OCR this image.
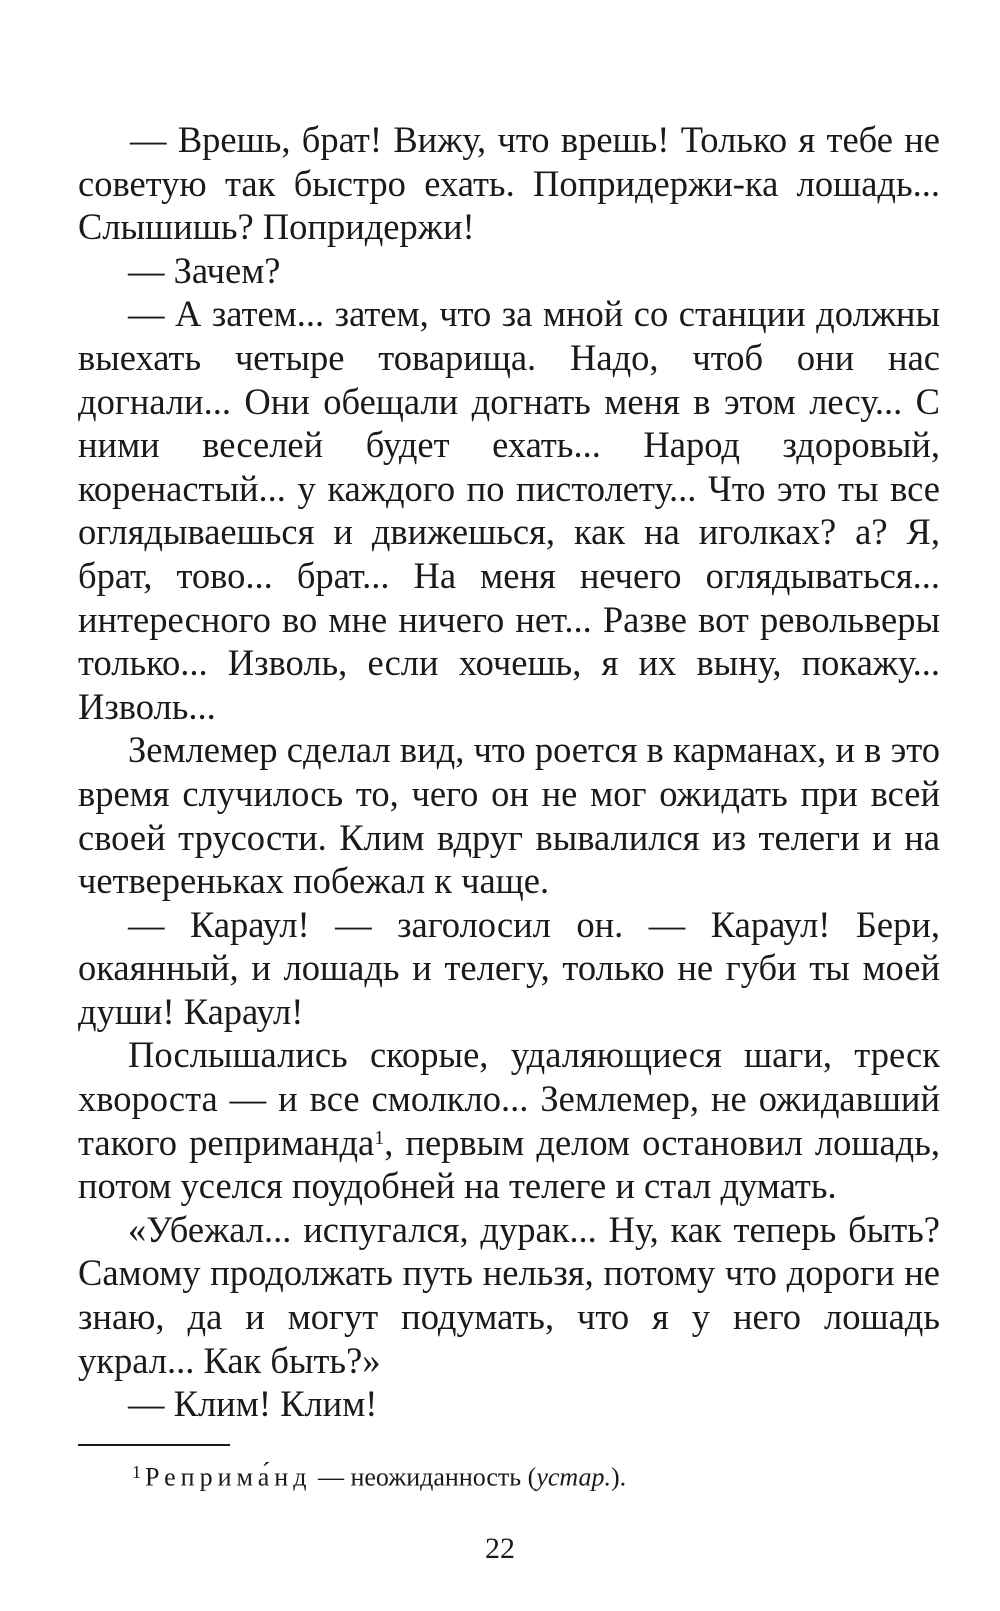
— Врешь, брат! Вижу, что врешь! Только я тебе не советую так быстро ехать. Попридержи-ка лошадь... Слышишь? Попридержи!

— Зачем?

— А затем... затем, что за мной со станции должны выехать четыре товарища. Надо, чтоб они нас догнали... Они обещали догнать меня в этом лесу... С ними веселей будет ехать... Народ здоровый, коренастый... у каждого по пистолету... Что это ты все оглядываешься и движешься, как на иголках? а? Я, брат, тово... брат... На меня нечего оглядываться... интересного во мне ничего нет... Разве вот револьверы только... Изволь, если хочешь, я их выну, покажу... Изволь...

Землемер сделал вид, что роется в карманах, и в это время случилось то, чего он не мог ожидать при всей своей трусости. Клим вдруг вывалился из телеги и на четвереньках побежал к чаще.

— Караул! — заголосил он. — Караул! Бери, окаянный, и лошадь и телегу, только не губи ты моей души! Караул!

Послышались скорые, удаляющиеся шаги, треск хвороста — и все смолкло... Землемер, не ожидавший такого реприманда$^1$, первым делом остановил лошадь, потом уселся поудобней на телеге и стал думать.

«Убежал... испугался, дурак... Ну, как теперь быть? Самому продолжать путь нельзя, потому что дороги не знаю, да и могут подумать, что я у него лошадь украл... Как быть?»

— Клим! Клим!

$^1$ Реприма́нд — неожиданность (устар.).
22
